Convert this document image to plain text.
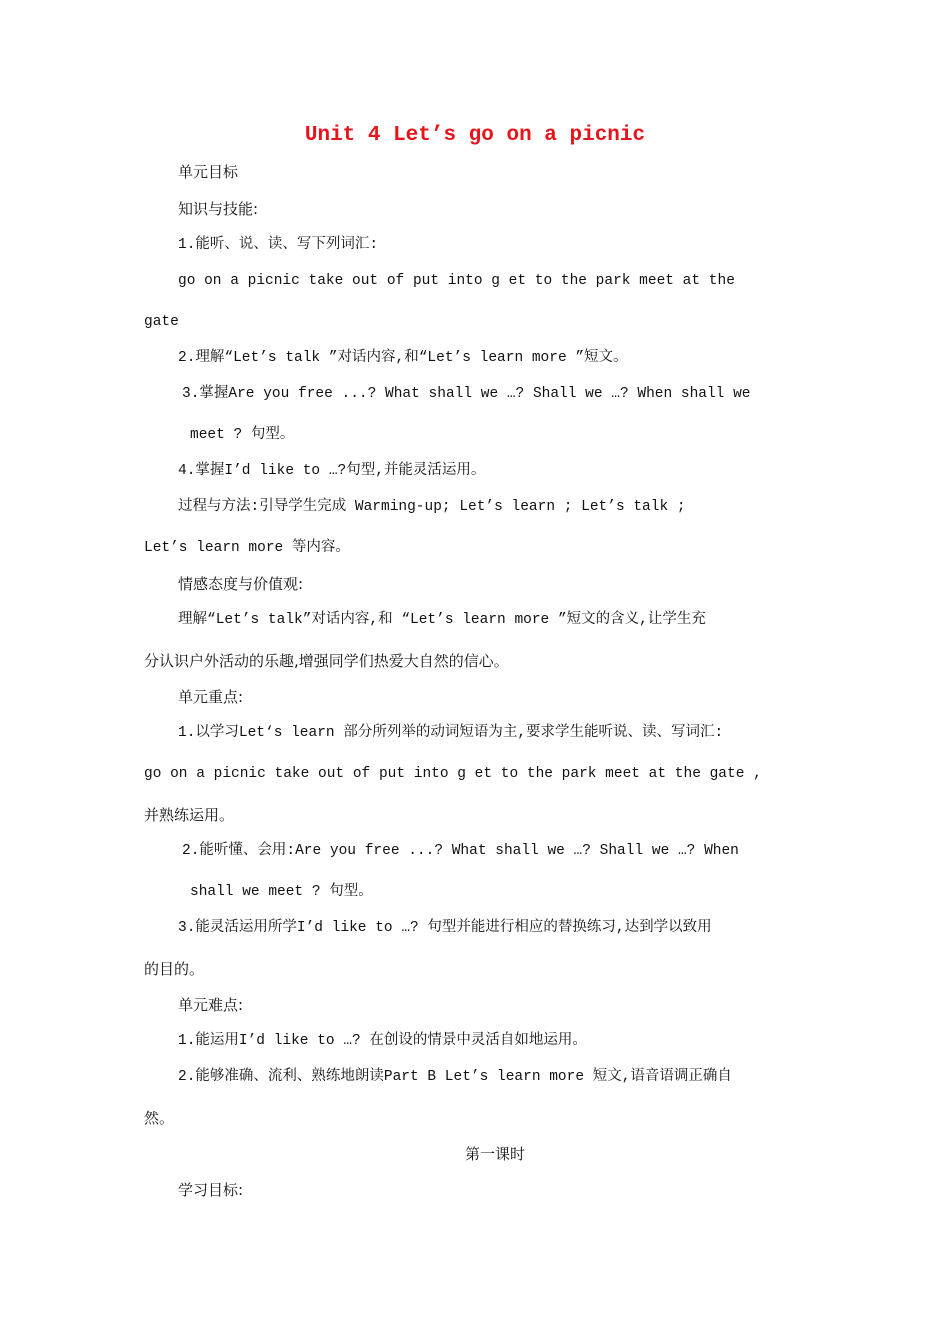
Unit 4 Let’s go on a picnic
单元目标
知识与技能:
1.能听、说、读、写下列词汇:
go on a picnic take out of put into g et to the park meet at the
gate
2.理解“Let’s talk ”对话内容,和“Let’s learn more ”短文。
3.掌握Are you free ...? What shall we …? Shall we …? When shall we
meet ? 句型。
4.掌握I’d like to …?句型,并能灵活运用。
过程与方法:引导学生完成 Warming-up; Let’s learn ; Let’s talk ;
Let’s learn more 等内容。
情感态度与价值观:
理解“Let’s talk”对话内容,和 “Let’s learn more ”短文的含义,让学生充
分认识户外活动的乐趣,增强同学们热爱大自然的信心。
单元重点:
1.以学习Let‘s learn 部分所列举的动词短语为主,要求学生能听说、读、写词汇:
go on a picnic take out of put into g et to the park meet at the gate ,
并熟练运用。
2.能听懂、会用:Are you free ...? What shall we …? Shall we …? When
shall we meet ? 句型。
3.能灵活运用所学I’d like to …? 句型并能进行相应的替换练习,达到学以致用
的目的。
单元难点:
1.能运用I’d like to …? 在创设的情景中灵活自如地运用。
2.能够准确、流利、熟练地朗读Part B Let’s learn more 短文,语音语调正确自
然。
第一课时
学习目标:
